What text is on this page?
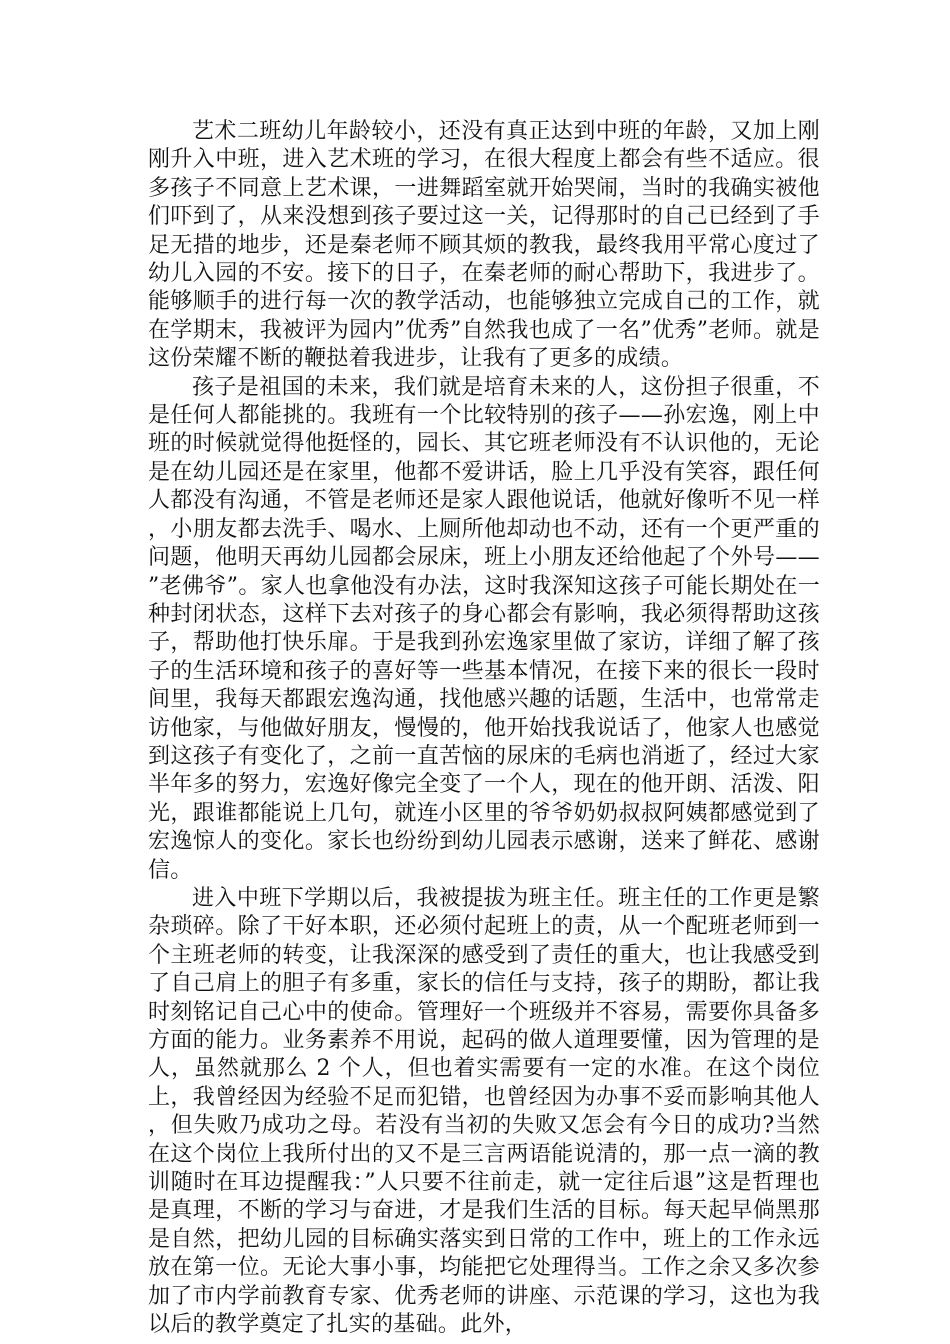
艺术二班幼儿年龄较小，还没有真正达到中班的年龄，又加上刚刚升入中班，进入艺术班的学习，在很大程度上都会有些不适应。很多孩子不同意上艺术课，一进舞蹈室就开始哭闹，当时的我确实被他们吓到了，从来没想到孩子要过这一关，记得那时的自己已经到了手足无措的地步，还是秦老师不顾其烦的教我，最终我用平常心度过了幼儿入园的不安。接下的日子，在秦老师的耐心帮助下，我进步了。能够顺手的进行每一次的教学活动，也能够独立完成自己的工作，就在学期末，我被评为园内”优秀”自然我也成了一名”优秀”老师。就是这份荣耀不断的鞭挞着我进步，让我有了更多的成绩。

孩子是祖国的未来，我们就是培育未来的人，这份担子很重，不是任何人都能挑的。我班有一个比较特别的孩子——孙宏逸，刚上中班的时候就觉得他挺怪的，园长、其它班老师没有不认识他的，无论是在幼儿园还是在家里，他都不爱讲话，脸上几乎没有笑容，跟任何人都没有沟通，不管是老师还是家人跟他说话，他就好像听不见一样，小朋友都去洗手、喝水、上厕所他却动也不动，还有一个更严重的问题，他明天再幼儿园都会尿床，班上小朋友还给他起了个外号——”老佛爷”。家人也拿他没有办法，这时我深知这孩子可能长期处在一种封闭状态，这样下去对孩子的身心都会有影响，我必须得帮助这孩子，帮助他打快乐扉。于是我到孙宏逸家里做了家访，详细了解了孩子的生活环境和孩子的喜好等一些基本情况，在接下来的很长一段时间里，我每天都跟宏逸沟通，找他感兴趣的话题，生活中，也常常走访他家，与他做好朋友，慢慢的，他开始找我说话了，他家人也感觉到这孩子有变化了，之前一直苦恼的尿床的毛病也消逝了，经过大家半年多的努力，宏逸好像完全变了一个人，现在的他开朗、活泼、阳光，跟谁都能说上几句，就连小区里的爷爷奶奶叔叔阿姨都感觉到了宏逸惊人的变化。家长也纷纷到幼儿园表示感谢，送来了鲜花、感谢信。

进入中班下学期以后，我被提拔为班主任。班主任的工作更是繁杂琐碎。除了干好本职，还必须付起班上的责，从一个配班老师到一个主班老师的转变，让我深深的感受到了责任的重大，也让我感受到了自己肩上的胆子有多重，家长的信任与支持，孩子的期盼，都让我时刻铭记自己心中的使命。管理好一个班级并不容易，需要你具备多方面的能力。业务素养不用说，起码的做人道理要懂，因为管理的是人，虽然就那么 2 个人，但也着实需要有一定的水准。在这个岗位上，我曾经因为经验不足而犯错，也曾经因为办事不妥而影响其他人，但失败乃成功之母。若没有当初的失败又怎会有今日的成功?当然在这个岗位上我所付出的又不是三言两语能说清的，那一点一滴的教训随时在耳边提醒我：”人只要不往前走，就一定往后退”这是哲理也是真理，不断的学习与奋进，才是我们生活的目标。每天起早倘黑那是自然，把幼儿园的目标确实落实到日常的工作中，班上的工作永远放在第一位。无论大事小事，均能把它处理得当。工作之余又多次参加了市内学前教育专家、优秀老师的讲座、示范课的学习，这也为我以后的教学奠定了扎实的基础。此外，
